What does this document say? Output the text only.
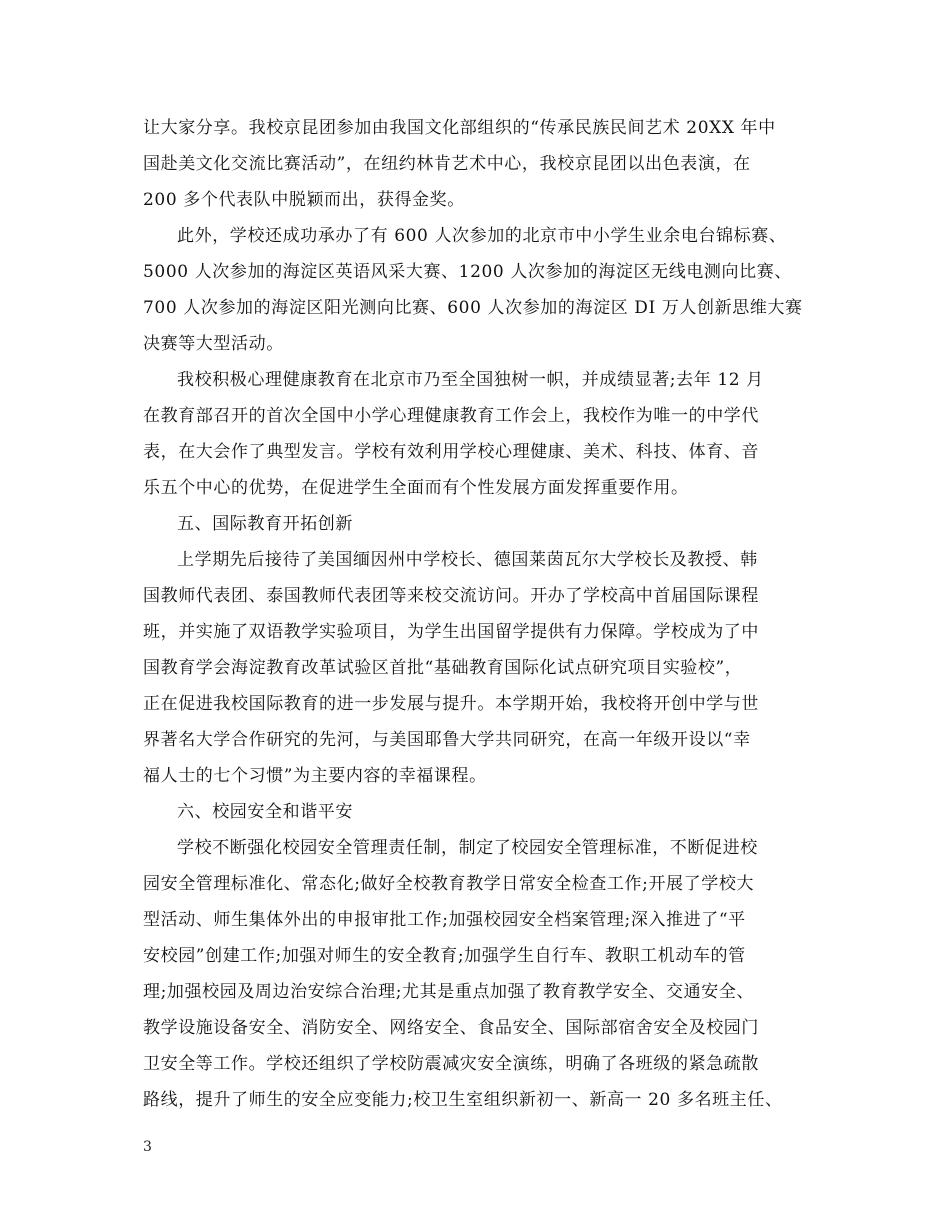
让大家分享。我校京昆团参加由我国文化部组织的“传承民族民间艺术 20XX 年中
国赴美文化交流比赛活动”，在纽约林肯艺术中心，我校京昆团以出色表演，在
200 多个代表队中脱颖而出，获得金奖。
此外，学校还成功承办了有 600 人次参加的北京市中小学生业余电台锦标赛、
5000 人次参加的海淀区英语风采大赛、1200 人次参加的海淀区无线电测向比赛、
700 人次参加的海淀区阳光测向比赛、600 人次参加的海淀区 DI 万人创新思维大赛
决赛等大型活动。
我校积极心理健康教育在北京市乃至全国独树一帜，并成绩显著;去年 12 月
在教育部召开的首次全国中小学心理健康教育工作会上，我校作为唯一的中学代
表，在大会作了典型发言。学校有效利用学校心理健康、美术、科技、体育、音
乐五个中心的优势，在促进学生全面而有个性发展方面发挥重要作用。
五、国际教育开拓创新
上学期先后接待了美国缅因州中学校长、德国莱茵瓦尔大学校长及教授、韩
国教师代表团、泰国教师代表团等来校交流访问。开办了学校高中首届国际课程
班，并实施了双语教学实验项目，为学生出国留学提供有力保障。学校成为了中
国教育学会海淀教育改革试验区首批“基础教育国际化试点研究项目实验校”，
正在促进我校国际教育的进一步发展与提升。本学期开始，我校将开创中学与世
界著名大学合作研究的先河，与美国耶鲁大学共同研究，在高一年级开设以“幸
福人士的七个习惯”为主要内容的幸福课程。
六、校园安全和谐平安
学校不断强化校园安全管理责任制，制定了校园安全管理标准，不断促进校
园安全管理标准化、常态化;做好全校教育教学日常安全检查工作;开展了学校大
型活动、师生集体外出的申报审批工作;加强校园安全档案管理;深入推进了“平
安校园”创建工作;加强对师生的安全教育;加强学生自行车、教职工机动车的管
理;加强校园及周边治安综合治理;尤其是重点加强了教育教学安全、交通安全、
教学设施设备安全、消防安全、网络安全、食品安全、国际部宿舍安全及校园门
卫安全等工作。学校还组织了学校防震减灾安全演练，明确了各班级的紧急疏散
路线，提升了师生的安全应变能力;校卫生室组织新初一、新高一 20 多名班主任、
3
